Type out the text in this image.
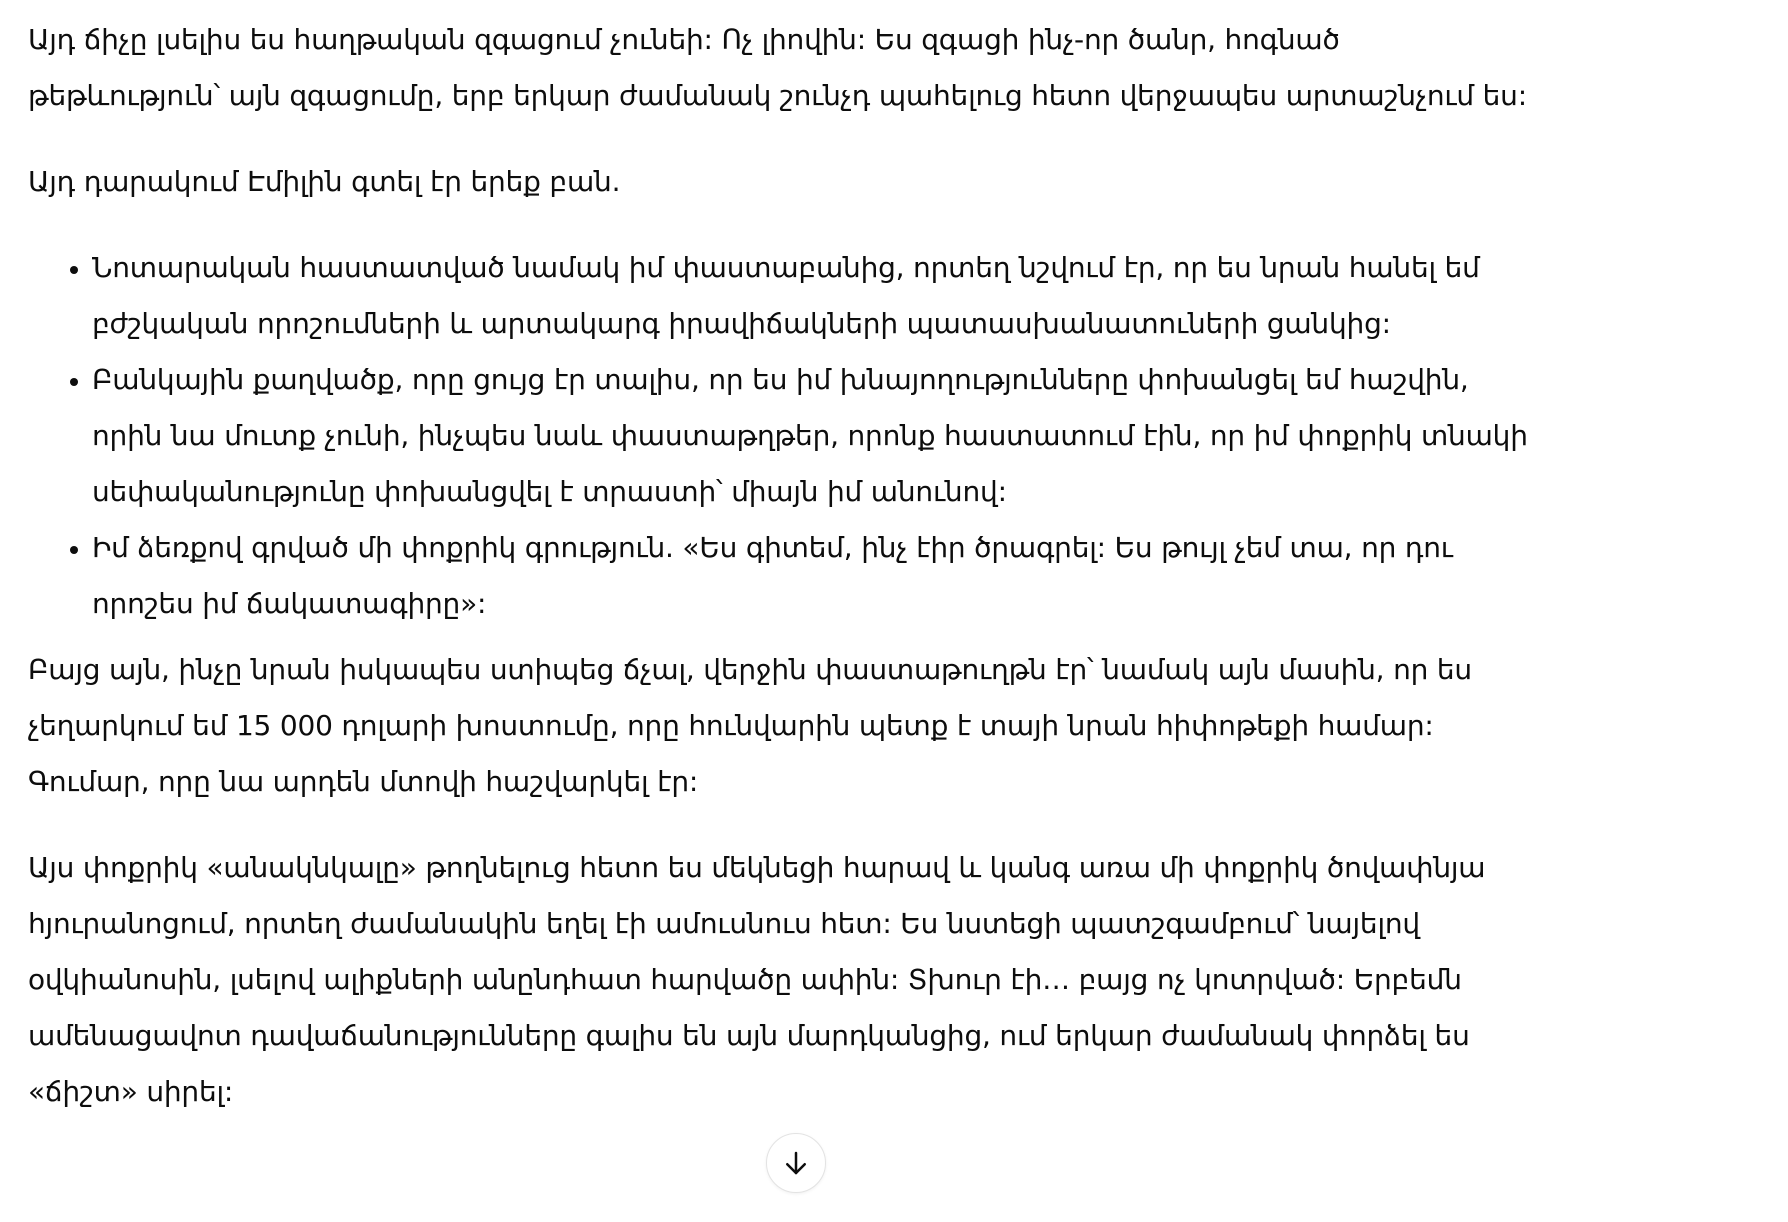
Այդ ճիչը լսելիս ես հաղթական զգացում չունեի: Ոչ լիովին: Ես զգացի ինչ-որ ծանր, հոգնած թեթևություն՝ այն զգացումը, երբ երկար ժամանակ շունչդ պահելուց հետո վերջապես արտաշնչում ես:

Այդ դարակում Էմիլին գտել էր երեք բան.

• Նոտարական հաստատված նամակ իմ փաստաբանից, որտեղ նշվում էր, որ ես նրան հանել եմ բժշկական որոշումների և արտակարգ իրավիճակների պատասխանատուների ցանկից:
• Բանկային քաղվածք, որը ցույց էր տալիս, որ ես իմ խնայողությունները փոխանցել եմ հաշվին, որին նա մուտք չունի, ինչպես նաև փաստաթղթեր, որոնք հաստատում էին, որ իմ փոքրիկ տնակի սեփականությունը փոխանցվել է տրաստի՝ միայն իմ անունով:
• Իմ ձեռքով գրված մի փոքրիկ գրություն. «Ես գիտեմ, ինչ էիր ծրագրել: Ես թույլ չեմ տա, որ դու որոշես իմ ճակատագիրը»:

Բայց այն, ինչը նրան իսկապես ստիպեց ճչալ, վերջին փաստաթուղթն էր՝ նամակ այն մասին, որ ես չեղարկում եմ 15 000 դոլարի խոստումը, որը հունվարին պետք է տայի նրան հիփոթեքի համար: Գումար, որը նա արդեն մտովի հաշվարկել էր:

Այս փոքրիկ «անակնկալը» թողնելուց հետո ես մեկնեցի հարավ և կանգ առա մի փոքրիկ ծովափնյա հյուրանոցում, որտեղ ժամանակին եղել էի ամուսնուս հետ: Ես նստեցի պատշգամբում՝ նայելով օվկիանոսին, լսելով ալիքների անընդհատ հարվածը ափին: Տխուր էի… բայց ոչ կոտրված: Երբեմն ամենացավոտ դավաճանությունները գալիս են այն մարդկանցից, ում երկար ժամանակ փորձել ես «ճիշտ» սիրել:
